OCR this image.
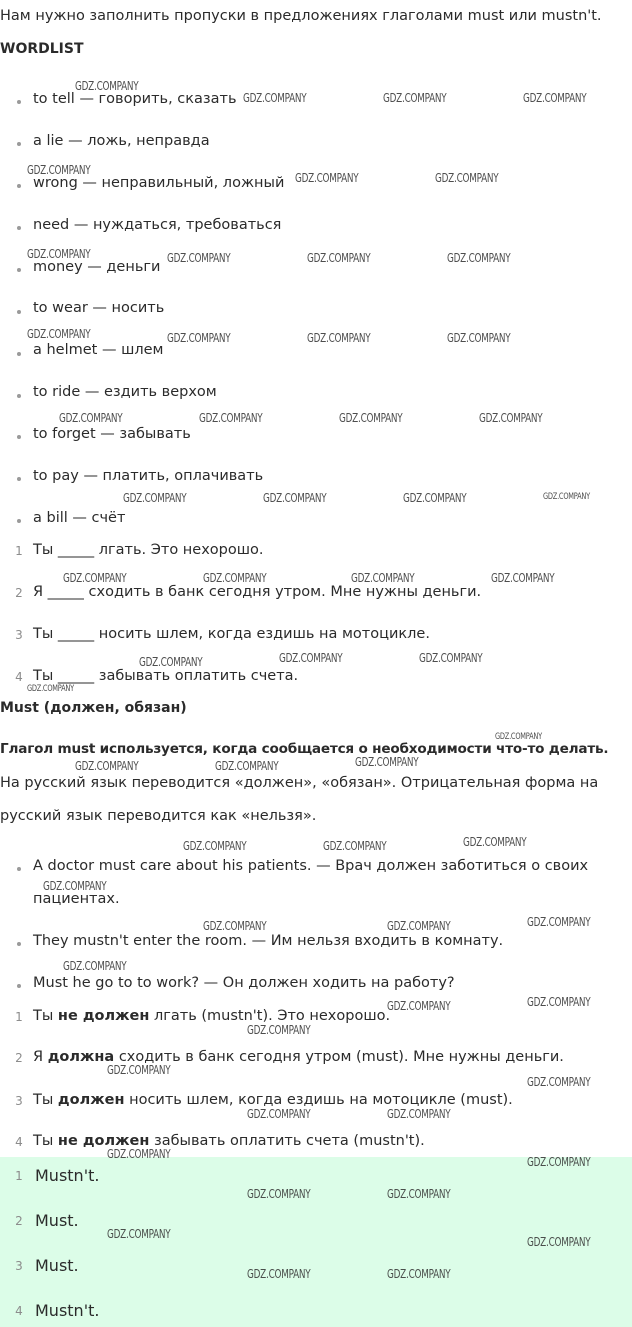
Нам нужно заполнить пропуски в предложениях глаголами must или mustn't.
WORDLIST
to tell — говорить, сказать
a lie — ложь, неправда
wrong — неправильный, ложный
need — нуждаться, требоваться
money — деньги
to wear — носить
a helmet — шлем
to ride — ездить верхом
to forget — забывать
to pay — платить, оплачивать
a bill — счёт
1 Ты _____ лгать. Это нехорошо.
2 Я _____ сходить в банк сегодня утром. Мне нужны деньги.
3 Ты _____ носить шлем, когда ездишь на мотоцикле.
4 Ты _____ забывать оплатить счета.
Must (должен, обязан)
Глагол must используется, когда сообщается о необходимости что-то делать.
На русский язык переводится «должен», «обязан». Отрицательная форма на
русский язык переводится как «нельзя».
A doctor must care about his patients. — Врач должен заботиться о своих
пациентах.
They mustn't enter the room. — Им нельзя входить в комнату.
Must he go to to work? — Он должен ходить на работу?
1 Ты не должен лгать (mustn't). Это нехорошо.
2 Я должна сходить в банк сегодня утром (must). Мне нужны деньги.
3 Ты должен носить шлем, когда ездишь на мотоцикле (must).
4 Ты не должен забывать оплатить счета (mustn't).
1 Mustn't.
2 Must.
3 Must.
4 Mustn't.
GDZ.COMPANY
GDZ.COMPANY	GDZ.COMPANY	GDZ.COMPANY
GDZ.COMPANY
GDZ.COMPANY	GDZ.COMPANY
GDZ.COMPANY	GDZ.COMPANY	GDZ.COMPANY	GDZ.COMPANY
GDZ.COMPANY	GDZ.COMPANY	GDZ.COMPANY	GDZ.COMPANY
GDZ.COMPANY	GDZ.COMPANY	GDZ.COMPANY	GDZ.COMPANY
GDZ.COMPANY	GDZ.COMPANY	GDZ.COMPANY	GDZ.COMPANY
GDZ.COMPANY	GDZ.COMPANY	GDZ.COMPANY	GDZ.COMPANY
GDZ.COMPANY	GDZ.COMPANY	GDZ.COMPANY
GDZ.COMPANY
GDZ.COMPANY
GDZ.COMPANY	GDZ.COMPANY	GDZ.COMPANY
GDZ.COMPANY	GDZ.COMPANY	GDZ.COMPANY
GDZ.COMPANY
GDZ.COMPANY	GDZ.COMPANY	GDZ.COMPANY
GDZ.COMPANY
GDZ.COMPANY	GDZ.COMPANY
GDZ.COMPANY
GDZ.COMPANY
GDZ.COMPANY
GDZ.COMPANY	GDZ.COMPANY
GDZ.COMPANY
GDZ.COMPANY
GDZ.COMPANY	GDZ.COMPANY
GDZ.COMPANY
GDZ.COMPANY
GDZ.COMPANY	GDZ.COMPANY
